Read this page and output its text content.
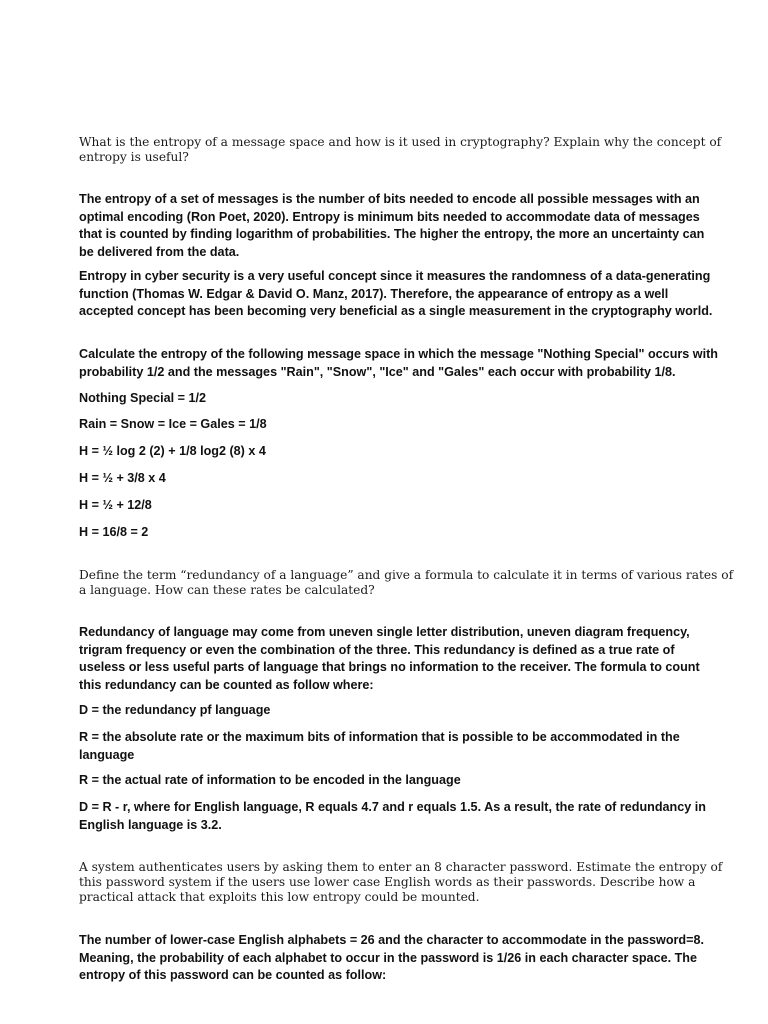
What is the entropy of a message space and how is it used in cryptography? Explain why the concept of entropy is useful?

The entropy of a set of messages is the number of bits needed to encode all possible messages with an optimal encoding (Ron Poet, 2020). Entropy is minimum bits needed to accommodate data of messages that is counted by finding logarithm of probabilities. The higher the entropy, the more an uncertainty can be delivered from the data.

Entropy in cyber security is a very useful concept since it measures the randomness of a data-generating function (Thomas W. Edgar & David O. Manz, 2017). Therefore, the appearance of entropy as a well accepted concept has been becoming very beneficial as a single measurement in the cryptography world.

Calculate the entropy of the following message space in which the message "Nothing Special" occurs with probability 1/2 and the messages "Rain", "Snow", "Ice" and "Gales" each occur with probability 1/8.

Nothing Special = 1/2

Rain = Snow = Ice = Gales = 1/8

H = ½ log 2 (2) + 1/8 log2 (8) x 4

H = ½ + 3/8 x 4

H = ½ + 12/8

H = 16/8 = 2

Define the term “redundancy of a language” and give a formula to calculate it in terms of various rates of a language. How can these rates be calculated?

Redundancy of language may come from uneven single letter distribution, uneven diagram frequency, trigram frequency or even the combination of the three. This redundancy is defined as a true rate of useless or less useful parts of language that brings no information to the receiver. The formula to count this redundancy can be counted as follow where:

D = the redundancy pf language

R = the absolute rate or the maximum bits of information that is possible to be accommodated in the language

R = the actual rate of information to be encoded in the language

D = R - r, where for English language, R equals 4.7 and r equals 1.5. As a result, the rate of redundancy in English language is 3.2.

A system authenticates users by asking them to enter an 8 character password. Estimate the entropy of this password system if the users use lower case English words as their passwords. Describe how a practical attack that exploits this low entropy could be mounted.

The number of lower-case English alphabets = 26 and the character to accommodate in the password=8. Meaning, the probability of each alphabet to occur in the password is 1/26 in each character space. The entropy of this password can be counted as follow:
